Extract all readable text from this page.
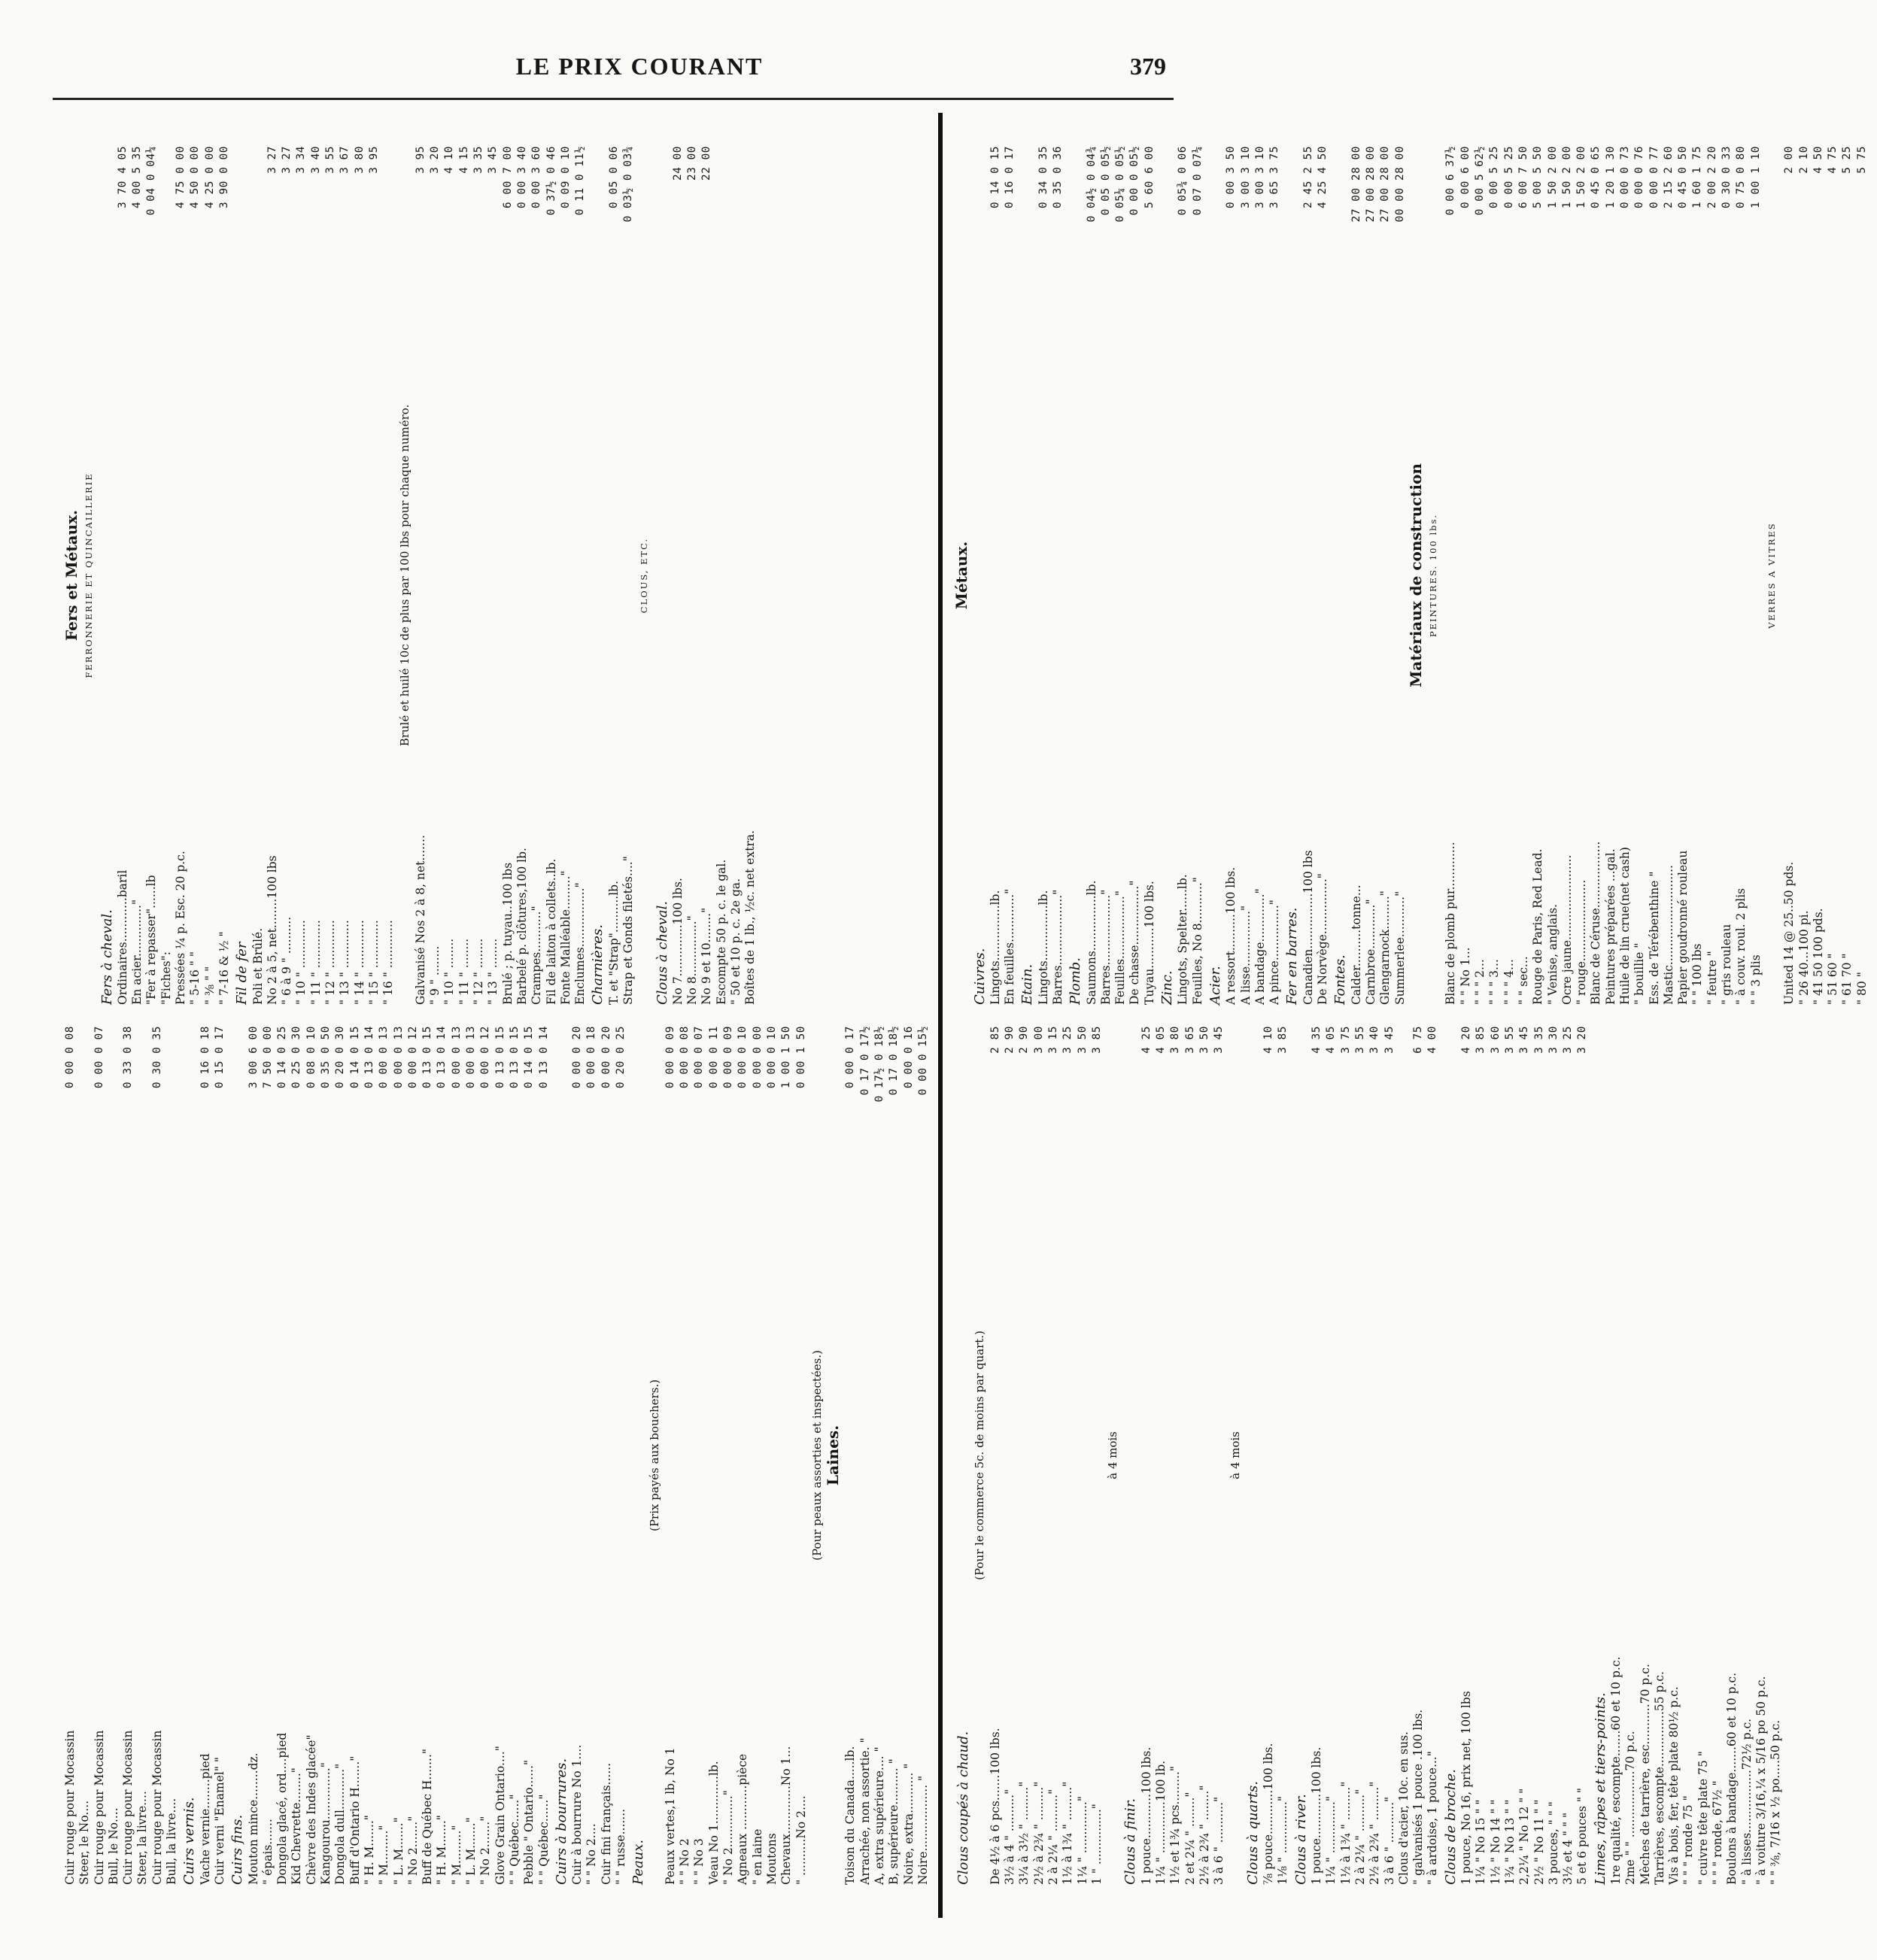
LE PRIX COURANT	379
Cuir rouge pour Mocassin
0 00 0 08
Steer, le No.... Cuir rouge pour Mocassin
0 00 0 07
Bull, le No.... Cuir rouge pour Mocassin
0 33 0 38
Steer, la livre.... Cuir rouge pour Mocassin
0 30 0 35
Bull, la livre.... Cuirs vernis. Vache vernie........pied
0 16 0 18
Cuir verni "Enamel" "
0 15 0 17
Cuirs fins. Mouton mince........dz.
3 00 6 00
" épais.......
7 50 0 00
Dongola glacé, ord....pied
0 14 0 25
Kid Chevrette........"
0 25 0 30
Chèvre des Indes glacée"
0 08 0 10
Kangourou.............."
0 35 0 50
Dongola dull..........."
0 20 0 30
Buff d'Ontario H......."
0 14 0 15
" H. M......."
0 13 0 14
" M........."
0 00 0 13
" L. M......."
0 00 0 13
" No 2......."
0 00 0 12
Buff de Québec H......."
0 13 0 15
" H. M......."
0 13 0 14
" M........."
0 00 0 13
" L. M......."
0 00 0 13
" No 2......."
0 00 0 12
Glove Grain Ontario...."
0 13 0 15
" " Québec......"
0 13 0 15
Pebble " Ontario......"
0 14 0 15
" " Québec......"
0 13 0 14
Cuirs à bourrures. Cuir à bourrure No 1....
0 00 0 20
" " No 2....
0 00 0 18
Cuir fini français......
0 00 0 20
" " russe.......
0 20 0 25
Peaux.
(Prix payés aux bouchers.)
Peaux vertes,1 lb, No 1
0 00 0 09
" " No 2
0 00 0 08
" " No 3
0 00 0 07
Veau No 1.............lb.
0 00 0 11
" No 2.............."
0 00 0 09
Agneaux ............pièce
0 00 0 10
" en laine
0 00 0 00
Moutons
0 00 0 10
Chevaux.............No 1...
1 00 1 50
" ..........No 2....
0 00 1 50
(Pour peaux assorties et inspectées.) Laines.
Toison du Canada.....lb.
0 00 0 17
Arrachée, non assortie. "
0 17 0 17½
A, extra supérieure.... "
0 17½ 0 18½
B, supérieure.......... "
0 17 0 18½
Noire, extra........... "
0 00 0 16
Noire.................. "
0 00 0 15½
Fers et Métaux. FERRONNERIE ET QUINCAILLERIE
Fers à cheval. Ordinaires............baril
3 70 4 05
En acier.............."
4 00 5 35
"Fer à repasser"......lb
0 04 0 04¼
"Fiches": Pressées ¼ p. Esc. 20 p.c.
4 75 0 00
" 5-16 " "
4 50 0 00
" ⅜ " "
4 25 0 00
" 7-16 & ½ "
3 90 0 00
Fil de fer Poli et Brûlé. No 2 à 5, net........100 lbs
3 27
" 6 à 9 " ..........
3 27
" 10 " .............
3 34
" 11 " .............
3 40
" 12 " .............
3 55
" 13 " .............
3 67
" 14 " .............
3 80
" 15 " .............
3 95
" 16 " .............
Brulé et huilé 10c de plus par 100 lbs pour chaque numéro.
Galvanisé Nos 2 à 8, net.......
3 95
" 9 " ........
3 20
" 10 " ........
4 10
" 11 " ........
4 15
" 12 " ........
3 35
" 13 " ........
3 45
Brulé ; p. tuyau..100 lbs
6 00 7 00
Barbelé p. clôtures,100 lb.
0 00 3 40
Crampes..........."
0 00 3 60
Fil de laiton à collets..lb.
0 37½ 0 46
Fonte Malléable........."
0 09 0 10
Enclumes................"
0 11 0 11½
Charnières. T. et "Strap"..........lb.
0 05 0 06
Strap et Gonds filetés...."
0 03½ 0 03¾
CLOUS, ETC.
Clous à cheval. No 7..............100 lbs.
24 00
No 8..............."
23 00
No 9 et 10........"
22 00
Escompte 50 p. c. le gal. " 50 et 10 p. c. 2e ga. Boîtes de 1 lb., ½c. net extra.
Clous coupés à chaud.
(Pour le commerce 5c. de moins par quart.)
De 4½ à 6 pcs.......100 lbs.
2 85
3½ à 4 " .........."
2 90
3¼ à 3½ " ........."
2 90
2½ à 2¾ " ........."
3 00
2 à 2¼ " .........."
3 15
1½ à 1¾ " ........."
3 25
1¼ " .............."
3 50
1 " ..............."
3 85
à 4 mois
Clous à finir. 1 pouce............100 lbs.
4 25
1¼ " ..............100 lb.
4 05
1½ et 1¾ pcs........."
3 80
2 et 2¼ " ........"
3 65
2½ à 2¾ " ........"
3 50
3 à 6 " ..........."
3 45
à 4 mois
Clous à quarts. ⅞ pouce............100 lbs.
4 10
1⅛ " .............."
3 85
Clous à river. 1 pouce............100 lbs.
4 35
1¼ " .............."
4 05
1½ à 1¾ " ........."
3 75
2 à 2¼ " .........."
3 55
2½ à 2¾ " ........."
3 40
3 à 6 " ..........."
3 45
Clous d'acier, 10c. en sus. " galvanisés 1 pouce .100 lbs.
6 75
" à ardoise, 1 pouce..."
4 00
Clous de broche. 1 pouce, No 16, prix net, 100 lbs
4 20
1¼ " No 15 " "
3 85
1½ " No 14 " "
3 60
1¾ " No 13 " "
3 55
2,2¼ " No 12 " "
3 45
2½ " No 11 " "
3 35
3 pouces, " " "
3 30
3½ et 4 " " "
3 25
5 et 6 pouces " "
3 20
Limes, râpes et tiers-points. 1re qualité, escompte.......60 et 10 p.c. 2me " " ..................70 p.c. Mèches de tarrière, esc...........70 p.c. Tarrières, escompte...............55 p.c. Vis à bois, fer, tête plate 80½ p.c. " " " ronde 75 " " cuivre tête plate 75 " " " " ronde, 67½ " Boulons à bandage.......60 et 10 p.c. " à lisses.................72½ p.c. " à voiture 3/16,¼ x 5/16 po 50 p.c. " " ⅜, 7/16 x ½ po.....50 p.c.
Métaux.
Cuivres. Lingots...............lb.
0 14 0 15
En feuilles............."
0 16 0 17
Etain. Lingots...............lb.
0 34 0 35
Barres..................."
0 35 0 36
Plomb. Saumons...............lb.
0 04½ 0 04¾
Barres..................."
0 05 0 05½
Feuilles................."
0 05¼ 0 05½
De chasse................"
0 00 0 05½
Tuyau...........100 lbs.
5 60 6 00
Zinc. Lingots, Spelter......lb.
0 05¾ 0 06
Feuilles, No 8..........."
0 07 0 07¼
Acier. A ressort..........100 lbs.
0 00 3 50
A lisse..............."
3 00 3 10
A bandage............."
3 00 3 10
A pince..............."
3 65 3 75
Fer en barres. Canadien...............100 lbs
2 45 2 55
De Norvège..............."
4 25 4 50
Fontes. Calder..........tonne...
27 00 28 00
Carnbroe............"
27 00 28 00
Glengarnock........."
27 00 28 00
Summerlee..........."
00 00 28 00
Matériaux de construction PEINTURES. 100 lbs.
Blanc de plomb pur.............
0 00 6 37½
" " No 1...
0 00 6 00
" " " 2...
0 00 5 62½
" " " 3...
0 00 5 25
" " " 4...
0 00 5 25
" " sec...
6 00 7 50
Rouge de Paris, Red Lead.
5 00 5 50
" Venise, anglais.
1 50 2 00
Ocre jaune.......................
1 50 2 00
" rouge......................
1 50 2 00
Blanc de Céruse..................
0 45 0 65
Peintures préparées ...gal.
1 20 1 30
Huile de lin crue(net cash)
0 00 0 73
" bouillie "
0 00 0 76
Ess. de Térébenthine "
0 00 0 77
Mastic...........................
2 15 2 60
Papier goudronné rouleau
0 45 0 50
" " 100 lbs
1 60 1 75
" feutre "
2 00 2 20
" gris rouleau
0 30 0 33
" à couv. roul. 2 plis
0 75 0 80
" " 3 plis
1 00 1 10
VERRES A VITRES
United 14 @ 25..50 pds.
2 00
" 26 40...100 pi.
2 10
" 41 50 100 pds.
4 50
" 51 60 "
4 75
" 61 70 "
5 25
" 80 "
5 75
